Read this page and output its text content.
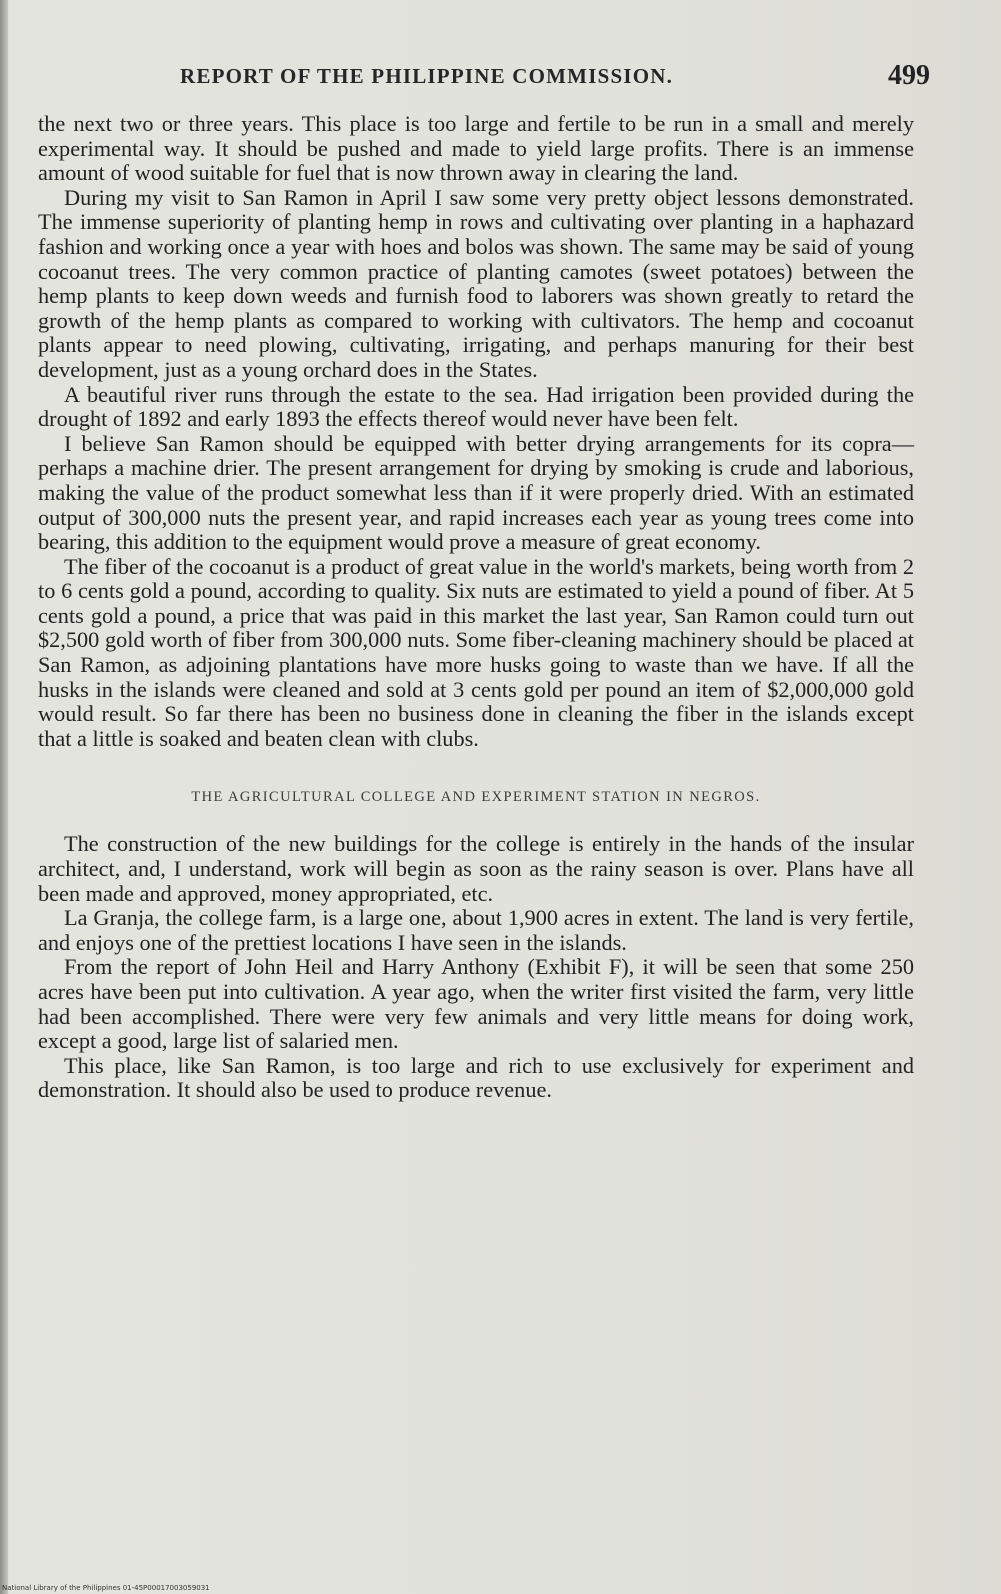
REPORT OF THE PHILIPPINE COMMISSION.	499

the next two or three years. This place is too large and fertile to be run in a small and merely experimental way. It should be pushed and made to yield large profits. There is an immense amount of wood suitable for fuel that is now thrown away in clearing the land.

During my visit to San Ramon in April I saw some very pretty object lessons demonstrated. The immense superiority of planting hemp in rows and cultivating over planting in a haphazard fashion and working once a year with hoes and bolos was shown. The same may be said of young cocoanut trees. The very common practice of planting camotes (sweet potatoes) between the hemp plants to keep down weeds and furnish food to laborers was shown greatly to retard the growth of the hemp plants as compared to working with cultivators. The hemp and cocoanut plants appear to need plowing, cultivating, irrigating, and perhaps manuring for their best development, just as a young orchard does in the States.

A beautiful river runs through the estate to the sea. Had irrigation been provided during the drought of 1892 and early 1893 the effects thereof would never have been felt.

I believe San Ramon should be equipped with better drying arrangements for its copra—perhaps a machine drier. The present arrangement for drying by smoking is crude and laborious, making the value of the product somewhat less than if it were properly dried. With an estimated output of 300,000 nuts the present year, and rapid increases each year as young trees come into bearing, this addition to the equipment would prove a measure of great economy.

The fiber of the cocoanut is a product of great value in the world's markets, being worth from 2 to 6 cents gold a pound, according to quality. Six nuts are estimated to yield a pound of fiber. At 5 cents gold a pound, a price that was paid in this market the last year, San Ramon could turn out $2,500 gold worth of fiber from 300,000 nuts. Some fiber-cleaning machinery should be placed at San Ramon, as adjoining plantations have more husks going to waste than we have. If all the husks in the islands were cleaned and sold at 3 cents gold per pound an item of $2,000,000 gold would result. So far there has been no business done in cleaning the fiber in the islands except that a little is soaked and beaten clean with clubs.

THE AGRICULTURAL COLLEGE AND EXPERIMENT STATION IN NEGROS.

The construction of the new buildings for the college is entirely in the hands of the insular architect, and, I understand, work will begin as soon as the rainy season is over. Plans have all been made and approved, money appropriated, etc.

La Granja, the college farm, is a large one, about 1,900 acres in extent. The land is very fertile, and enjoys one of the prettiest locations I have seen in the islands.

From the report of John Heil and Harry Anthony (Exhibit F), it will be seen that some 250 acres have been put into cultivation. A year ago, when the writer first visited the farm, very little had been accomplished. There were very few animals and very little means for doing work, except a good, large list of salaried men.

This place, like San Ramon, is too large and rich to use exclusively for experiment and demonstration. It should also be used to produce revenue.

National Library of the Philippines 01-45P00017003059031
